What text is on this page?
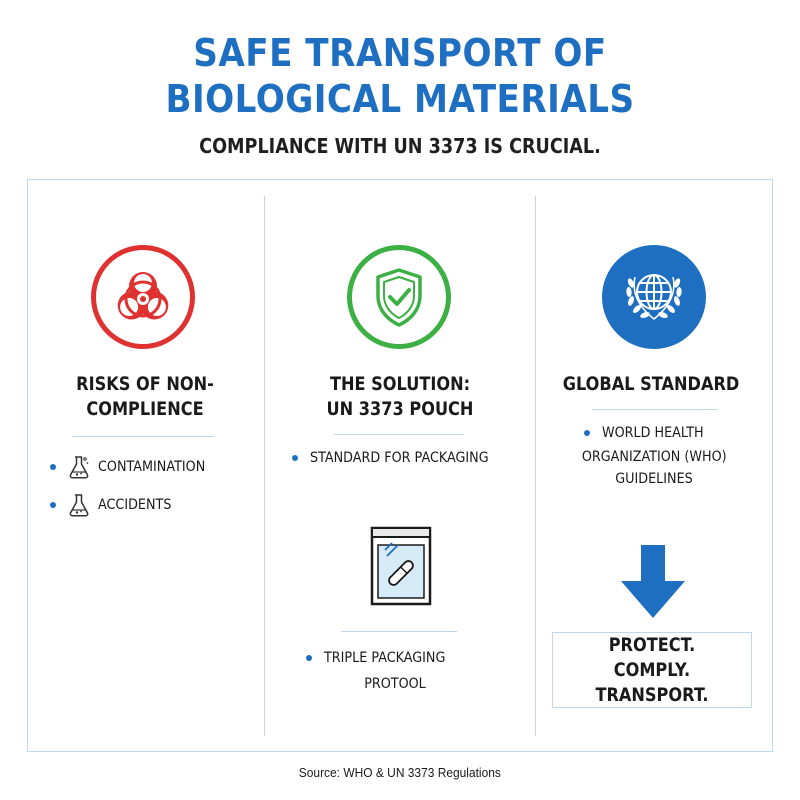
SAFE TRANSPORT OF
BIOLOGICAL MATERIALS
COMPLIANCE WITH UN 3373 IS CRUCIAL.
RISKS OF NON-
COMPLIENCE
CONTAMINATION
ACCIDENTS
THE SOLUTION:
UN 3373 POUCH
STANDARD FOR PACKAGING
TRIPLE PACKAGING
PROTOOL
GLOBAL STANDARD
WORLD HEALTH
ORGANIZATION (WHO)
GUIDELINES
PROTECT. COMPLY.
TRANSPORT.
Source: WHO & UN 3373 Regulations
